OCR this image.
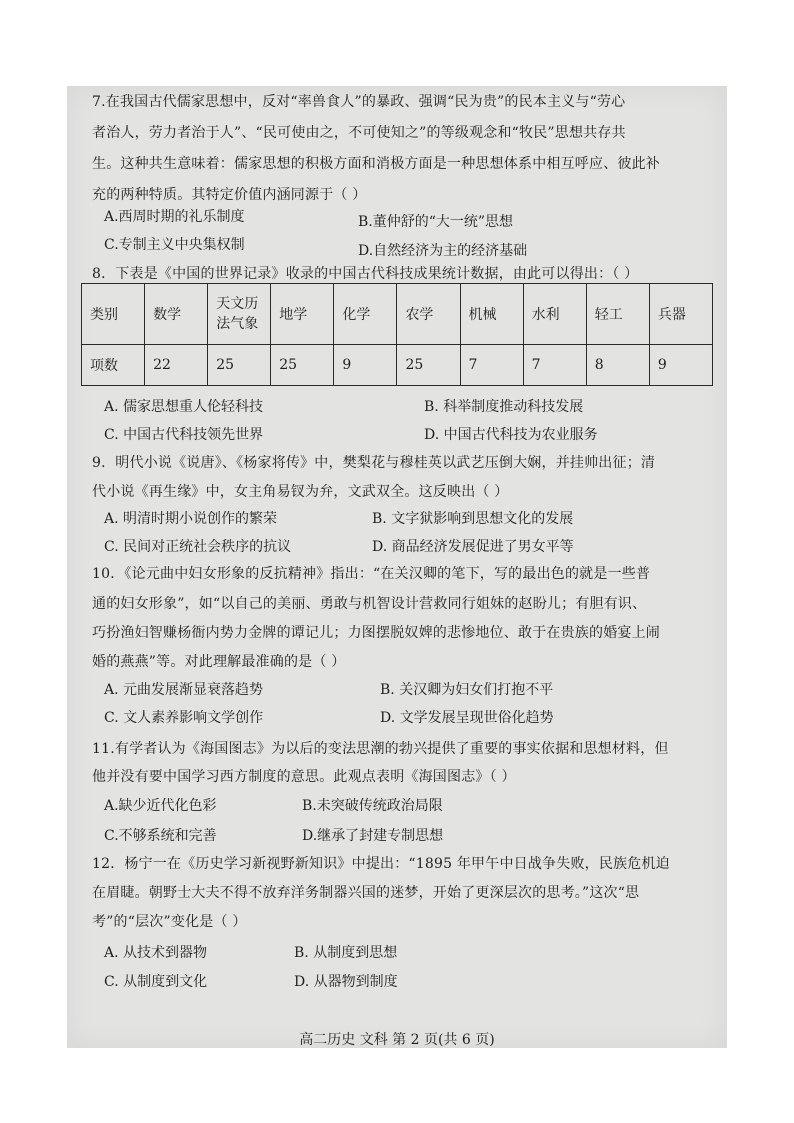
7.在我国古代儒家思想中，反对“率兽食人”的暴政、强调“民为贵”的民本主义与“劳心
者治人，劳力者治于人”、“民可使由之，不可使知之”的等级观念和“牧民”思想共存共
生。这种共生意味着：儒家思想的积极方面和消极方面是一种思想体系中相互呼应、彼此补
充的两种特质。其特定价值内涵同源于（ ）
A.西周时期的礼乐制度	B.董仲舒的“大一统”思想
C.专制主义中央集权制	D.自然经济为主的经济基础
8．下表是《中国的世界记录》收录的中国古代科技成果统计数据，由此可以得出：（ ）
类别	数学	天文历法气象	地学	化学	农学	机械	水利	轻工	兵器
项数	22	25	25	9	25	7	7	8	9
A. 儒家思想重人伦轻科技	B. 科举制度推动科技发展
C. 中国古代科技领先世界	D. 中国古代科技为农业服务
9．明代小说《说唐》、《杨家将传》中，樊梨花与穆桂英以武艺压倒大娴，并挂帅出征；清
代小说《再生缘》中，女主角易钗为弁，文武双全。这反映出（ ）
A. 明清时期小说创作的繁荣	B. 文字狱影响到思想文化的发展
C. 民间对正统社会秩序的抗议	D. 商品经济发展促进了男女平等
10．《论元曲中妇女形象的反抗精神》指出：“在关汉卿的笔下，写的最出色的就是一些普
通的妇女形象”，如“以自己的美丽、勇敢与机智设计营救同行姐妹的赵盼儿；有胆有识、
巧扮渔妇智赚杨衙内势力金牌的谭记儿；力图摆脱奴婢的悲惨地位、敢于在贵族的婚宴上闹
婚的燕燕”等。对此理解最准确的是（ ）
A. 元曲发展渐显衰落趋势	B. 关汉卿为妇女们打抱不平
C. 文人素养影响文学创作	D. 文学发展呈现世俗化趋势
11.有学者认为《海国图志》为以后的变法思潮的勃兴提供了重要的事实依据和思想材料，但
他并没有要中国学习西方制度的意思。此观点表明《海国图志》（ ）
A.缺少近代化色彩	B.未突破传统政治局限
C.不够系统和完善	D.继承了封建专制思想
12．杨宁一在《历史学习新视野新知识》中提出：“1895 年甲午中日战争失败，民族危机迫
在眉睫。朝野士大夫不得不放弃洋务制器兴国的迷梦，开始了更深层次的思考。”这次“思
考”的“层次”变化是（ ）
A. 从技术到器物	B. 从制度到思想
C. 从制度到文化	D. 从器物到制度
高二历史 文科 第 2 页(共 6 页)
